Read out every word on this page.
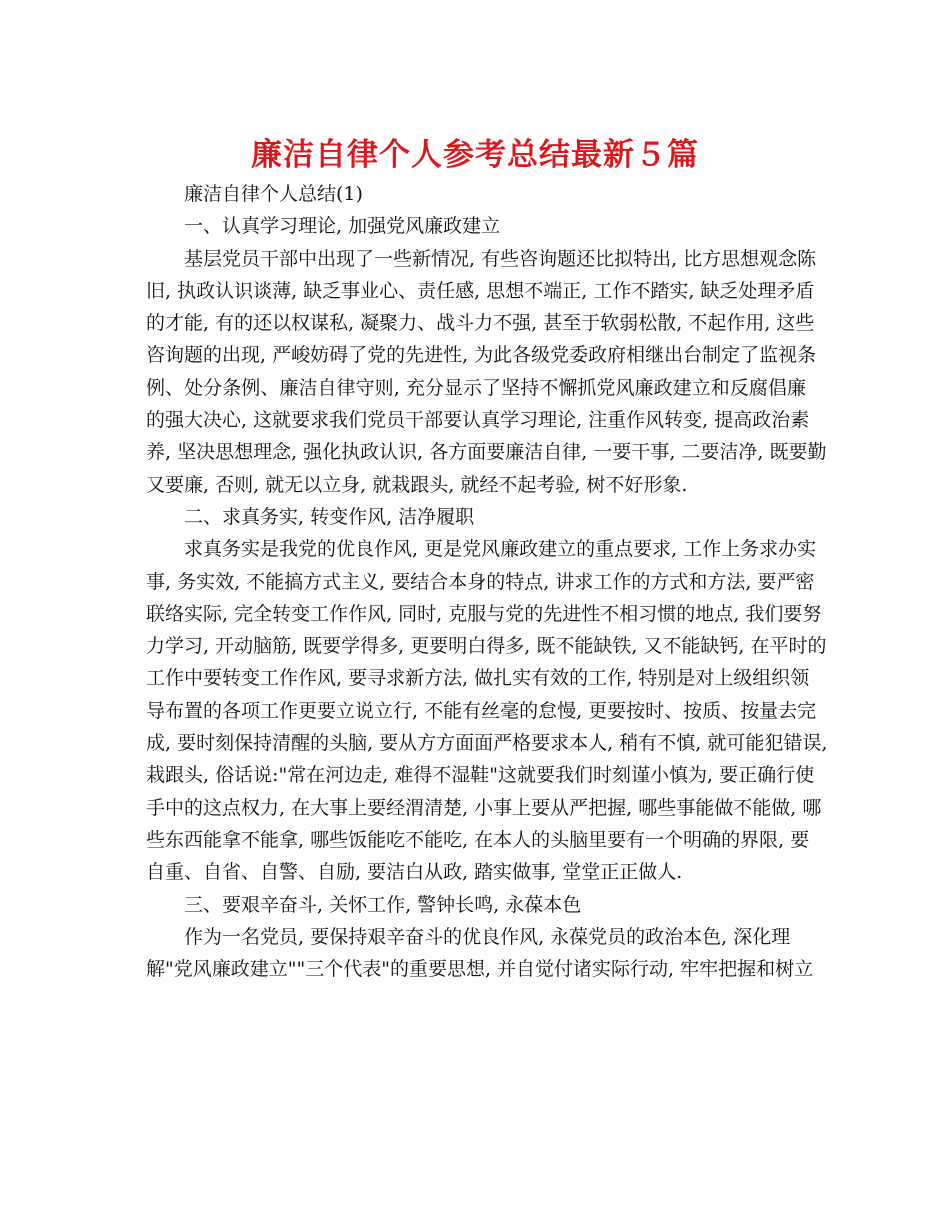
廉洁自律个人参考总结最新５篇
廉洁自律个人总结(1)
一、认真学习理论, 加强党风廉政建立
基层党员干部中出现了一些新情况, 有些咨询题还比拟特出, 比方思想观念陈
旧, 执政认识谈薄, 缺乏事业心、责任感, 思想不端正, 工作不踏实, 缺乏处理矛盾
的才能, 有的还以权谋私, 凝聚力、战斗力不强, 甚至于软弱松散, 不起作用, 这些
咨询题的出现, 严峻妨碍了党的先进性, 为此各级党委政府相继出台制定了监视条
例、处分条例、廉洁自律守则, 充分显示了坚持不懈抓党风廉政建立和反腐倡廉
的强大决心, 这就要求我们党员干部要认真学习理论, 注重作风转变, 提高政治素
养, 坚决思想理念, 强化执政认识, 各方面要廉洁自律, 一要干事, 二要洁净, 既要勤
又要廉, 否则, 就无以立身, 就栽跟头, 就经不起考验, 树不好形象.
二、求真务实, 转变作风, 洁净履职
求真务实是我党的优良作风, 更是党风廉政建立的重点要求, 工作上务求办实
事, 务实效, 不能搞方式主义, 要结合本身的特点, 讲求工作的方式和方法, 要严密
联络实际, 完全转变工作作风, 同时, 克服与党的先进性不相习惯的地点, 我们要努
力学习, 开动脑筋, 既要学得多, 更要明白得多, 既不能缺铁, 又不能缺钙, 在平时的
工作中要转变工作作风, 要寻求新方法, 做扎实有效的工作, 特别是对上级组织领
导布置的各项工作更要立说立行, 不能有丝毫的怠慢, 更要按时、按质、按量去完
成, 要时刻保持清醒的头脑, 要从方方面面严格要求本人, 稍有不慎, 就可能犯错误,
栽跟头, 俗话说:"常在河边走, 难得不湿鞋"这就要我们时刻谨小慎为, 要正确行使
手中的这点权力, 在大事上要经渭清楚, 小事上要从严把握, 哪些事能做不能做, 哪
些东西能拿不能拿, 哪些饭能吃不能吃, 在本人的头脑里要有一个明确的界限, 要
自重、自省、自警、自励, 要洁白从政, 踏实做事, 堂堂正正做人.
三、要艰辛奋斗, 关怀工作, 警钟长鸣, 永葆本色
作为一名党员, 要保持艰辛奋斗的优良作风, 永葆党员的政治本色, 深化理
解"党风廉政建立""三个代表"的重要思想, 并自觉付诸实际行动, 牢牢把握和树立
